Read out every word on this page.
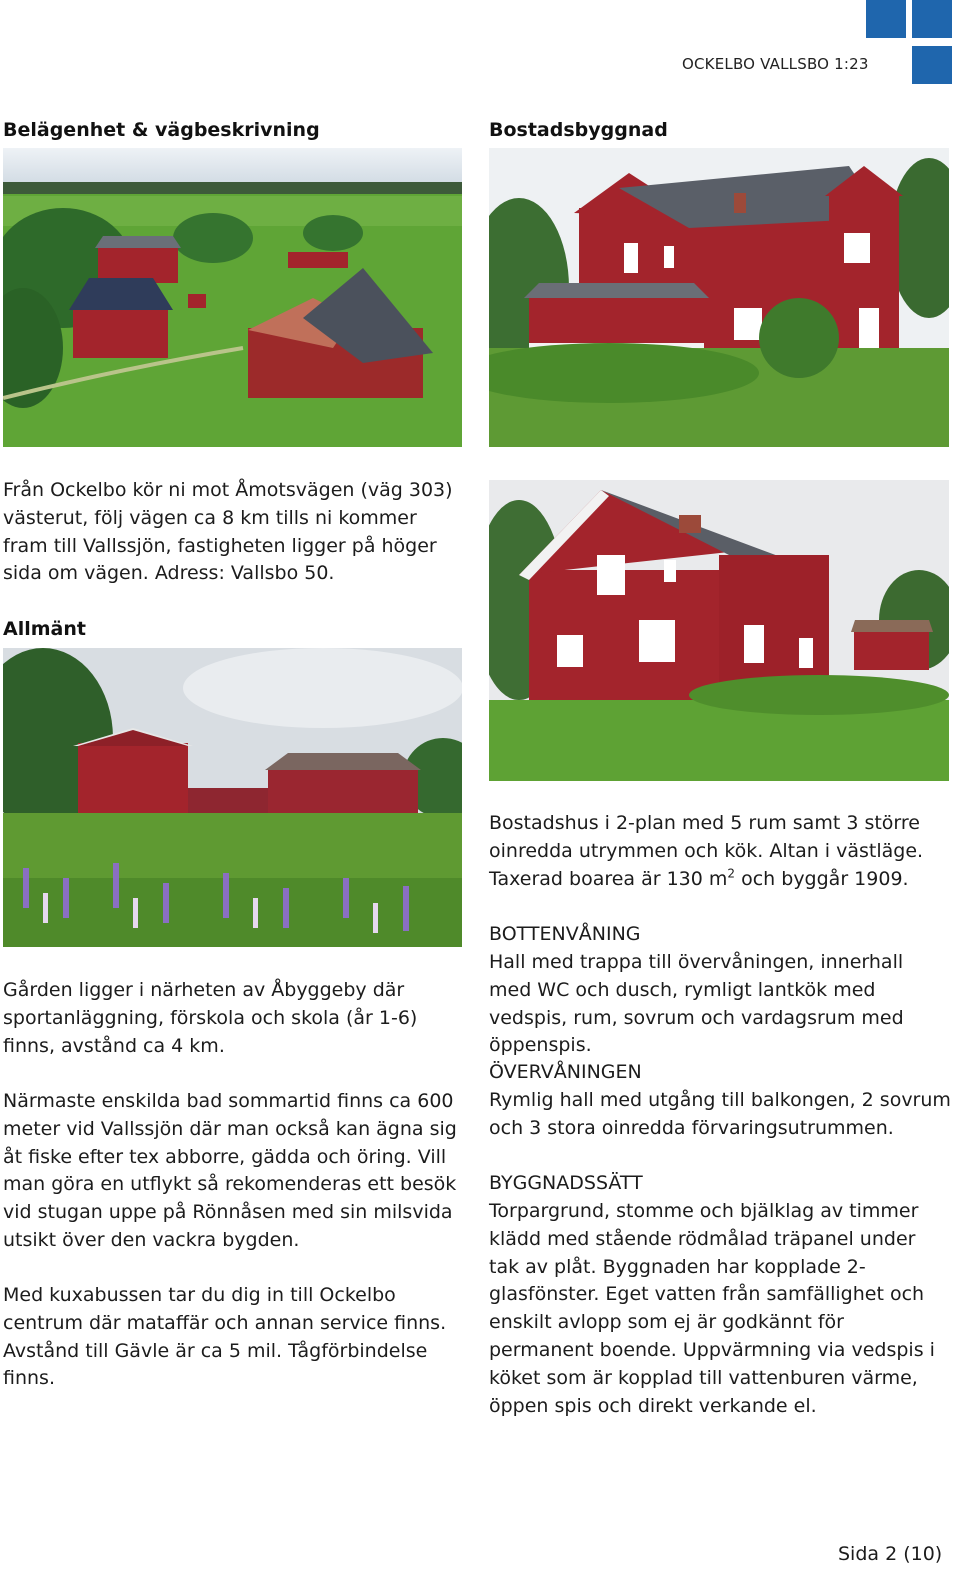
OCKELBO VALLSBO 1:23
Belägenhet & vägbeskrivning

Från Ockelbo kör ni mot Åmotsvägen (väg 303) västerut, följ vägen ca 8 km tills ni kommer fram till Vallssjön, fastigheten ligger på höger sida om vägen. Adress: Vallsbo 50.

Allmänt

Gården ligger i närheten av Åbyggeby där sportanläggning, förskola och skola (år 1-6) finns, avstånd ca 4 km.

Närmaste enskilda bad sommartid finns ca 600 meter vid Vallssjön där man också kan ägna sig åt fiske efter tex abborre, gädda och öring. Vill man göra en utflykt så rekomenderas ett besök vid stugan uppe på Rönnåsen med sin milsvida utsikt över den vackra bygden.

Med kuxabussen tar du dig in till Ockelbo centrum där mataffär och annan service finns. Avstånd till Gävle är ca 5 mil. Tågförbindelse finns.

Bostadsbyggnad

Bostadshus i 2-plan med 5 rum samt 3 större oinredda utrymmen och kök. Altan i västläge. Taxerad boarea är 130 $m^2$ och byggår 1909.

BOTTENVÅNING

Hall med trappa till övervåningen, innerhall med WC och dusch, rymligt lantkök med vedspis, rum, sovrum och vardagsrum med öppenspis.

ÖVERVÅNINGEN

Rymlig hall med utgång till balkongen, 2 sovrum och 3 stora oinredda förvaringsutrummen.

BYGGNADSSÄTT

Torpargrund, stomme och bjälklag av timmer klädd med stående rödmålad träpanel under tak av plåt. Byggnaden har kopplade 2-glasfönster. Eget vatten från samfällighet och enskilt avlopp som ej är godkännt för permanent boende. Uppvärmning via vedspis i köket som är kopplad till vattenburen värme, öppen spis och direkt verkande el.

Sida 2 (10)
